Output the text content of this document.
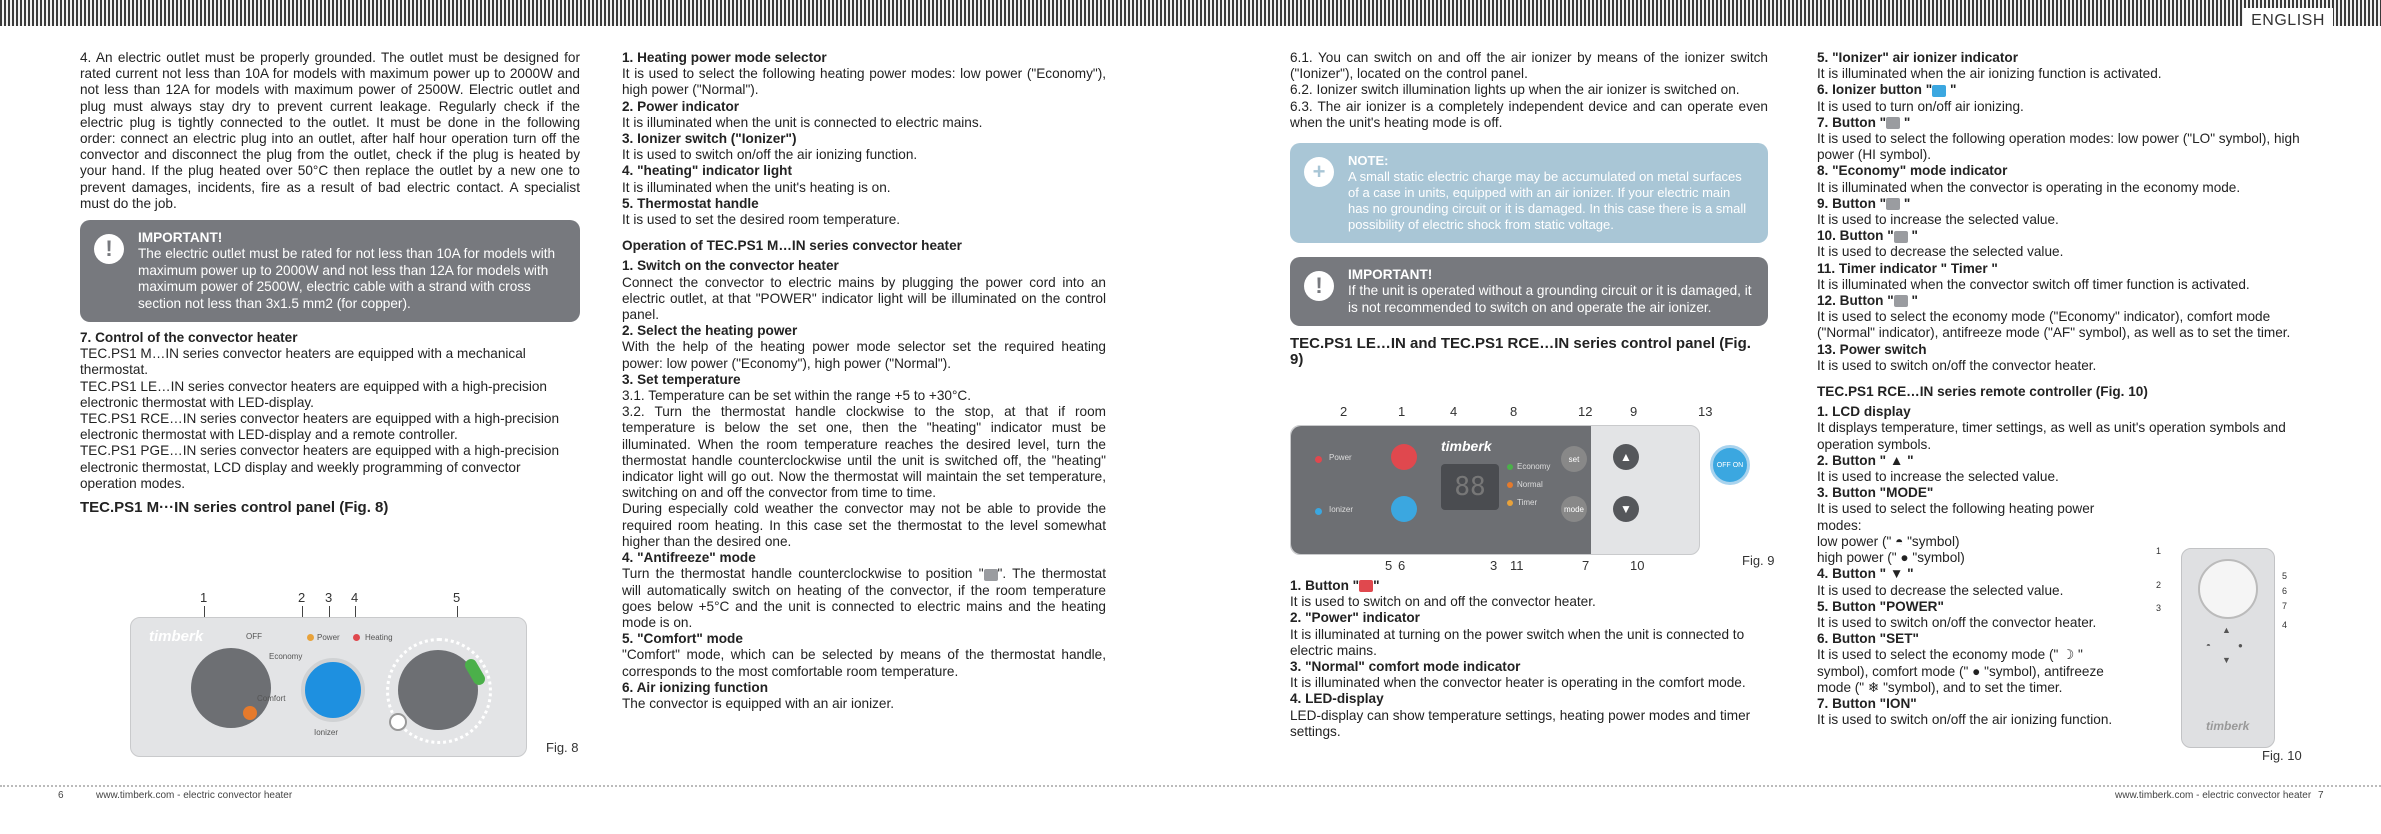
ENGLISH

4. An electric outlet must be properly grounded. The outlet must be designed for rated current not less than 10A for models with maximum power up to 2000W and not less than 12A for models with maximum power of 2500W. Electric outlet and plug must always stay dry to prevent current leakage. Regularly check if the electric plug is tightly connected to the outlet. It must be done in the following order: connect an electric plug into an outlet, after half hour operation turn off the convector and disconnect the plug from the outlet, check if the plug is heated by your hand. If the plug heated over 50°C then replace the outlet by a new one to prevent damages, incidents, fire as a result of bad electric contact. A specialist must do the job.

!	IMPORTANT!
The electric outlet must be rated for not less than 10A for models with maximum power up to 2000W and not less than 12A for models with maximum power of 2500W, electric cable with a strand with cross section not less than 3x1.5 mm2 (for copper).
7. Control of the convector heater

TEC.PS1 M…IN series convector heaters are equipped with a mechanical thermostat.

TEC.PS1 LE…IN series convector heaters are equipped with a high-precision electronic thermostat with LED-display.

TEC.PS1 RCE…IN series convector heaters are equipped with a high-precision electronic thermostat with LED-display and a remote controller.

TEC.PS1 PGE…IN series convector heaters are equipped with a high-precision electronic thermostat, LCD display and weekly programming of convector operation modes.

TEC.PS1 M···IN series control panel (Fig. 8)
1	2 3 4	5
timberk	OFF
Economy
Comfort
Power	Heating
Ionizer
Fig. 8

1. Heating power mode selector

It is used to select the following heating power modes: low power ("Economy"), high power ("Normal").

2. Power indicator

It is illuminated when the unit is connected to electric mains.

3. Ionizer switch ("Ionizer")

It is used to switch on/off the air ionizing function.

4. "heating" indicator light

It is illuminated when the unit's heating is on.

5. Thermostat handle

It is used to set the desired room temperature.

Operation of TEC.PS1 M…IN series convector heater

1. Switch on the convector heater

Connect the convector to electric mains by plugging the power cord into an electric outlet, at that "POWER" indicator light will be illuminated on the control panel.

2. Select the heating power

With the help of the heating power mode selector set the required heating power: low power ("Economy"), high power ("Normal").

3. Set temperature

3.1. Temperature can be set within the range +5 to +30°C.

3.2. Turn the thermostat handle clockwise to the stop, at that if room temperature is below the set one, then the "heating" indicator must be illuminated. When the room temperature reaches the desired level, turn the thermostat handle counterclockwise until the unit is switched off, the "heating" indicator light will go out. Now the thermostat will maintain the set temperature, switching on and off the convector from time to time.

During especially cold weather the convector may not be able to provide the required room heating. In this case set the thermostat to the level somewhat higher than the desired one.

4. "Antifreeze" mode

Turn the thermostat handle counterclockwise to position " ". The thermostat will automatically switch on heating of the convector, if the room temperature goes below +5°C and the unit is connected to electric mains and the heating mode is on.

5. "Comfort" mode

"Comfort" mode, which can be selected by means of the thermostat handle, corresponds to the most comfortable room temperature.

6. Air ionizing function

The convector is equipped with an air ionizer.

6.1. You can switch on and off the air ionizer by means of the ionizer switch ("Ionizer"), located on the control panel.

6.2. Ionizer switch illumination lights up when the air ionizer is switched on.

6.3. The air ionizer is a completely independent device and can operate even when the unit's heating mode is off.

+	NOTE:
A small static electric charge may be accumulated on metal surfaces of a case in units, equipped with an air ionizer. If your electric main has no grounding circuit or it is damaged. In this case there is a small possibility of electric shock from static voltage.
!	IMPORTANT!
If the unit is operated without a grounding circuit or it is damaged, it is not recommended to switch on and operate the air ionizer.
TEC.PS1 LE…IN and TEC.PS1 RCE…IN series control panel (Fig. 9)
2	1	4	8	12	9	13
5 6	3 11	7	10
Power
Ionizer
timberk
88
Economy
Normal
Timer
set
mode
▲
▼
OFF ON
Fig. 9

1. Button " "

It is used to switch on and off the convector heater.

2. "Power" indicator

It is illuminated at turning on the power switch when the unit is connected to electric mains.

3. "Normal" comfort mode indicator

It is illuminated when the convector heater is operating in the comfort mode.

4. LED-display

LED-display can show temperature settings, heating power modes and timer settings.

5. "Ionizer" air ionizer indicator

It is illuminated when the air ionizing function is activated.

6. Ionizer button " "

It is used to turn on/off air ionizing.

7. Button " "

It is used to select the following operation modes: low power ("LO" symbol), high power (HI symbol).

8. "Economy" mode indicator

It is illuminated when the convector is operating in the economy mode.

9. Button " "

It is used to increase the selected value.

10. Button " "

It is used to decrease the selected value.

11. Timer indicator " Timer "

It is illuminated when the convector switch off timer function is activated.

12. Button " "

It is used to select the economy mode ("Economy" indicator), comfort mode ("Normal" indicator), antifreeze mode ("AF" symbol), as well as to set the timer.

13. Power switch

It is used to switch on/off the convector heater.

TEC.PS1 RCE…IN series remote controller (Fig. 10)

1. LCD display

It displays temperature, timer settings, as well as unit's operation symbols and operation symbols.

2. Button " ▲ "

It is used to increase the selected value.

3. Button "MODE"

It is used to select the following heating power modes:

low power (" ◓ "symbol)

high power (" ● "symbol)

4. Button " ▼ "

It is used to decrease the selected value.

5. Button "POWER"

It is used to switch on/off the convector heater.

6. Button "SET"

It is used to select the economy mode (" ☽ " symbol), comfort mode (" ● "symbol), antifreeze mode (" ❄ "symbol), and to set the timer.

7. Button "ION"

It is used to switch on/off the air ionizing function.

▲
◓	●
▼
timberk
1
2
3
5
6
7
4
Fig. 10
6	www.timberk.com - electric convector heater	www.timberk.com - electric convector heater 7
